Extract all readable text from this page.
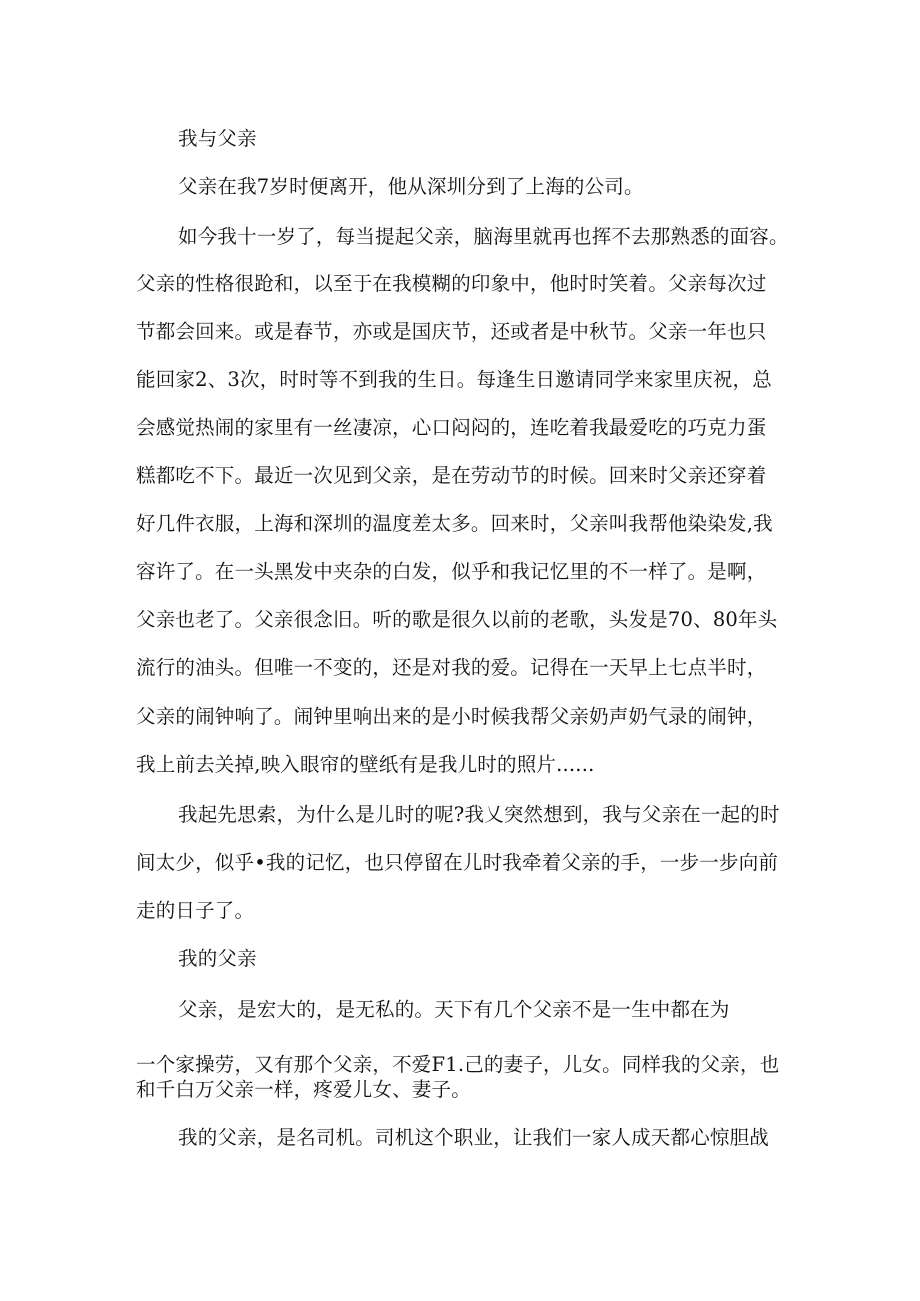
我与父亲
父亲在我7岁时便离开，他从深圳分到了上海的公司。
如今我十一岁了，每当提起父亲，脑海里就再也挥不去那熟悉的面容。
父亲的性格很跄和，以至于在我模糊的印象中，他时时笑着。父亲每次过
节都会回来。或是春节，亦或是国庆节，还或者是中秋节。父亲一年也只
能回家2、3次，时时等不到我的生日。每逢生日邀请同学来家里庆祝，总
会感觉热闹的家里有一丝凄凉，心口闷闷的，连吃着我最爱吃的巧克力蛋
糕都吃不下。最近一次见到父亲，是在劳动节的时候。回来时父亲还穿着
好几件衣服，上海和深圳的温度差太多。回来时，父亲叫我帮他染染发,我
容许了。在一头黑发中夹杂的白发，似乎和我记忆里的不一样了。是啊，
父亲也老了。父亲很念旧。听的歌是很久以前的老歌，头发是70、80年头
流行的油头。但唯一不变的，还是对我的爱。记得在一天早上七点半时，
父亲的闹钟响了。闹钟里响出来的是小时候我帮父亲奶声奶气录的闹钟，
我上前去关掉,映入眼帘的壁纸有是我儿时的照片......
我起先思索，为什么是儿时的呢?我乂突然想到，我与父亲在一起的时
间太少，似乎•我的记忆，也只停留在儿时我牵着父亲的手，一步一步向前
走的日子了。
我的父亲
父亲，是宏大的，是无私的。天下有几个父亲不是一生中都在为
一个家操劳，又有那个父亲，不爱F1.己的妻子，儿女。同样我的父亲，也
和千白万父亲一样，疼爱儿女、妻子。
我的父亲，是名司机。司机这个职业，让我们一家人成天都心惊胆战
